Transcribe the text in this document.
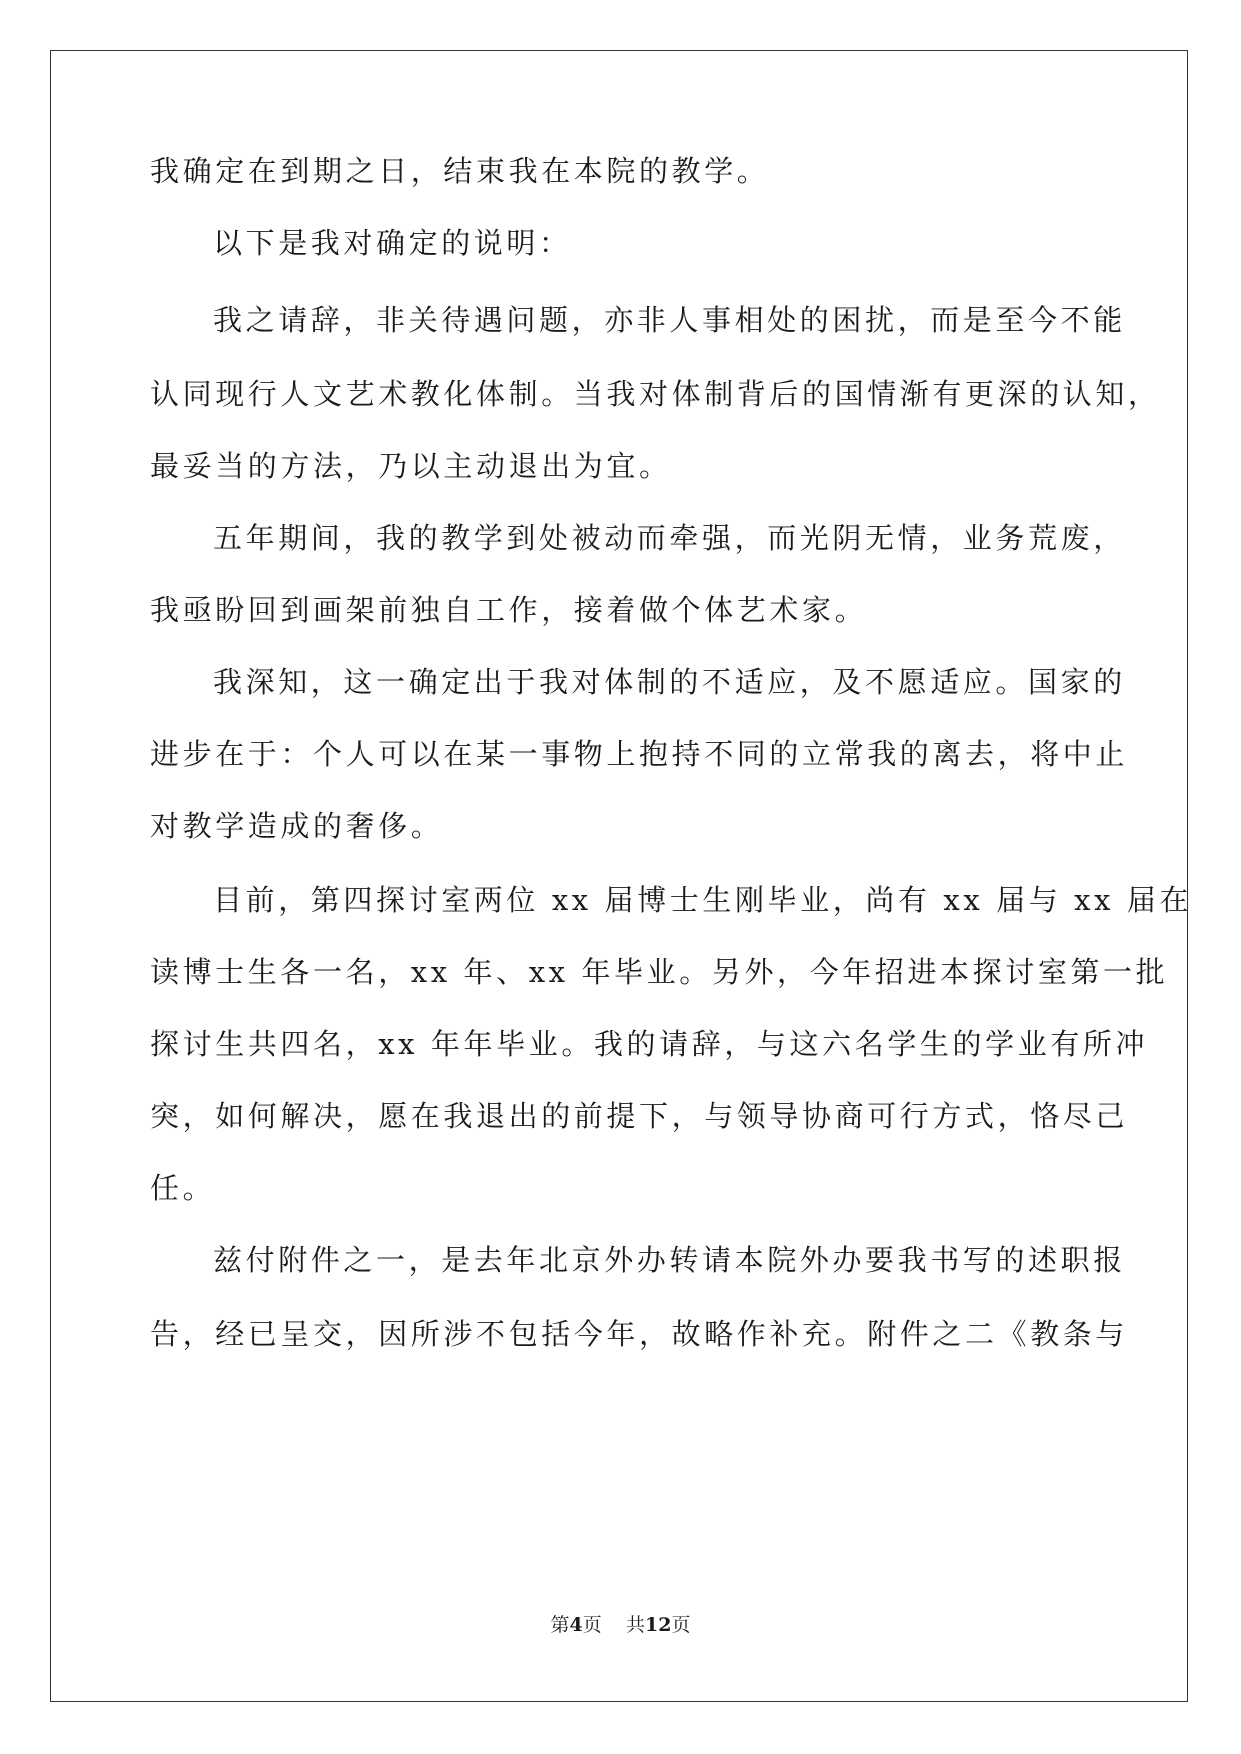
我确定在到期之日，结束我在本院的教学。
以下是我对确定的说明：
我之请辞，非关待遇问题，亦非人事相处的困扰，而是至今不能
认同现行人文艺术教化体制。当我对体制背后的国情渐有更深的认知，
最妥当的方法，乃以主动退出为宜。
五年期间，我的教学到处被动而牵强，而光阴无情，业务荒废，
我亟盼回到画架前独自工作，接着做个体艺术家。
我深知，这一确定出于我对体制的不适应，及不愿适应。国家的
进步在于：个人可以在某一事物上抱持不同的立常我的离去，将中止
对教学造成的奢侈。
目前，第四探讨室两位 xx 届博士生刚毕业，尚有 xx 届与 xx 届在
读博士生各一名，xx 年、xx 年毕业。另外，今年招进本探讨室第一批
探讨生共四名，xx 年年毕业。我的请辞，与这六名学生的学业有所冲
突，如何解决，愿在我退出的前提下，与领导协商可行方式，恪尽己
任。
兹付附件之一，是去年北京外办转请本院外办要我书写的述职报
告，经已呈交，因所涉不包括今年，故略作补充。附件之二《教条与
第4页 共12页
